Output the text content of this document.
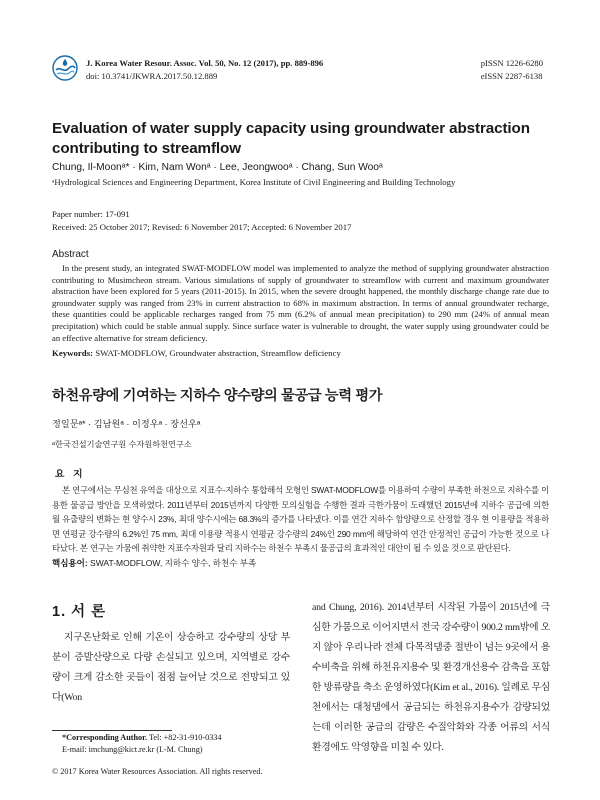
J. Korea Water Resour. Assoc. Vol. 50, No. 12 (2017), pp. 889-896
doi: 10.3741/JKWRA.2017.50.12.889
pISSN 1226-6280
eISSN 2287-6138
Evaluation of water supply capacity using groundwater abstraction contributing to streamflow
Chung, Il-Moonᵃ* · Kim, Nam Wonᵃ · Lee, Jeongwooᵃ · Chang, Sun Wooᵃ
ᵃHydrological Sciences and Engineering Department, Korea Institute of Civil Engineering and Building Technology
Paper number: 17-091
Received: 25 October 2017; Revised: 6 November 2017; Accepted: 6 November 2017
Abstract
In the present study, an integrated SWAT-MODFLOW model was implemented to analyze the method of supplying groundwater abstraction contributing to Musimcheon stream. Various simulations of supply of groundwater to streamflow with current and maximum groundwater abstraction have been explored for 5 years (2011-2015). In 2015, when the severe drought happened, the monthly discharge change rate due to groundwater supply was ranged from 23% in current abstraction to 68% in maximum abstraction. In terms of annual groundwater recharge, these quantities could be applicable recharges ranged from 75 mm (6.2% of annual mean precipitation) to 290 mm (24% of annual mean precipitation) which could be stable annual supply. Since surface water is vulnerable to drought, the water supply using groundwater could be an effective alternative for stream deficiency.
Keywords: SWAT-MODFLOW, Groundwater abstraction, Streamflow deficiency
하천유량에 기여하는 지하수 양수량의 물공급 능력 평가
정일문ᵃ* · 김남원ᵃ · 이정우ᵃ · 장선우ᵃ
ᵃ한국건설기술연구원 수자원하천연구소
요 지
본 연구에서는 무심천 유역을 대상으로 지표수-지하수 통합해석 모형인 SWAT-MODFLOW를 이용하여 수량이 부족한 하천으로 지하수를 이용한 물공급 방안을 모색하였다. 2011년부터 2015년까지 다양한 모의실험을 수행한 결과 극한가뭄이 도래했던 2015년에 지하수 공급에 의한 월 유출량의 변화는 현 양수시 23%, 최대 양수시에는 68.3%의 증가를 나타냈다. 이를 연간 지하수 함양량으로 산정할 경우 현 이용량을 적용하면 연평균 강수량의 6.2%인 75 mm, 최대 이용량 적용시 연평균 강수량의 24%인 290 mm에 해당하여 연간 안정적인 공급이 가능한 것으로 나타났다. 본 연구는 가뭄에 취약한 지표수자원과 달리 지하수는 하천수 부족시 물공급의 효과적인 대안이 될 수 있을 것으로 판단된다.
핵심용어: SWAT-MODFLOW, 지하수 양수, 하천수 부족
1. 서 론
지구온난화로 인해 기온이 상승하고 강수량의 상당 부분이 증발산량으로 다량 손실되고 있으며, 지역별로 강수량이 크게 감소한 곳들이 점점 늘어날 것으로 전망되고 있다(Won
and Chung, 2016). 2014년부터 시작된 가뭄이 2015년에 극심한 가뭄으로 이어지면서 전국 강수량이 900.2 mm밖에 오지 않아 우리나라 전체 다목적댐중 절반이 넘는 9곳에서 용수비축을 위해 하천유지용수 및 환경개선용수 감축을 포함한 방류량을 축소 운영하였다(Kim et al., 2016). 일례로 무심천에서는 대청댐에서 공급되는 하천유지용수가 감량되었는데 이러한 공급의 감량은 수질악화와 각종 어류의 서식환경에도 악영향을 미칠 수 있다.
*Corresponding Author. Tel: +82-31-910-0334
E-mail: imchung@kict.re.kr (I.-M. Chung)
© 2017 Korea Water Resources Association. All rights reserved.
